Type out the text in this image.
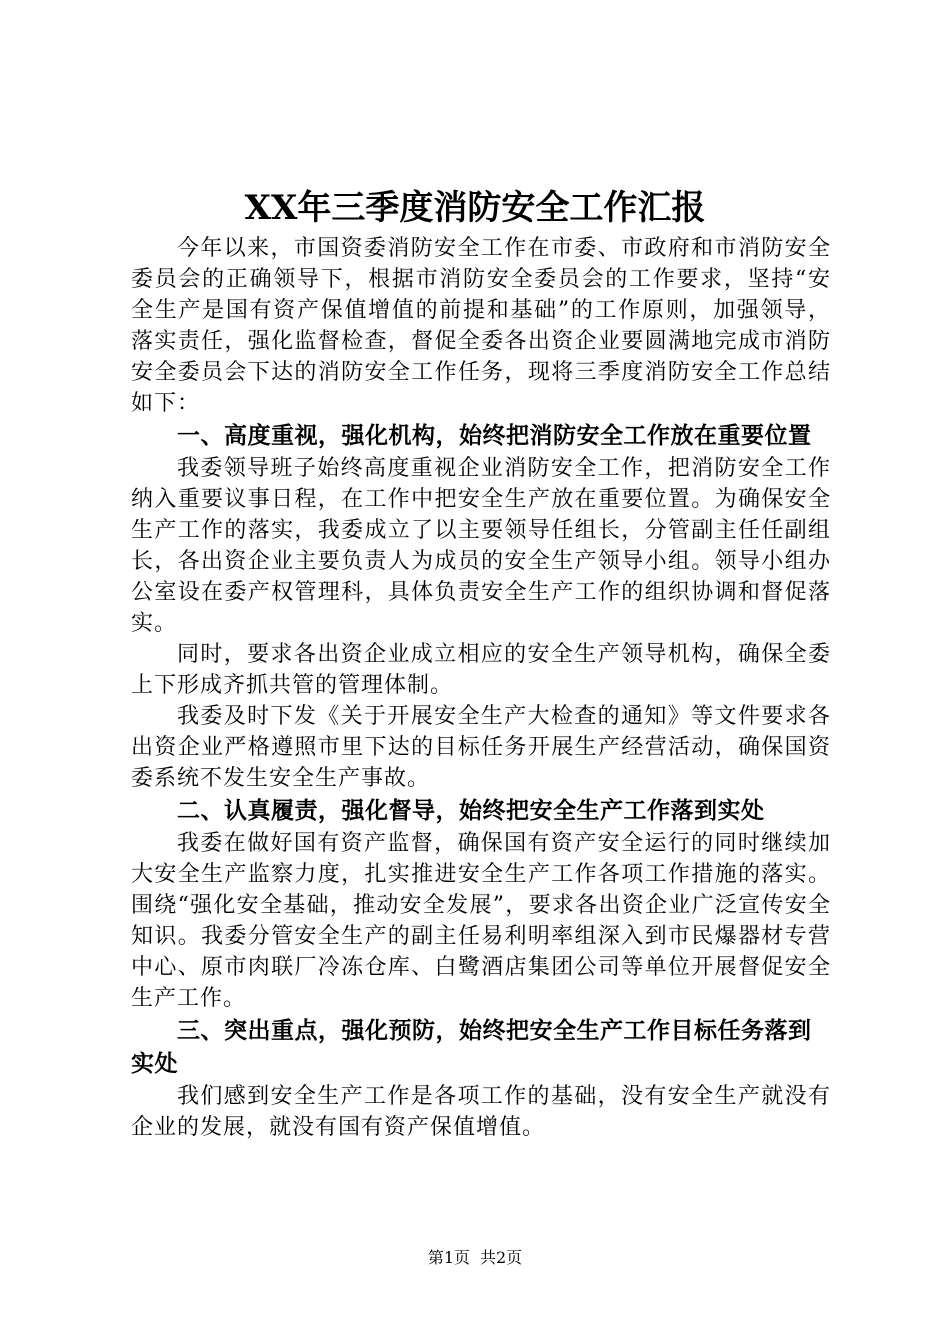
XX年三季度消防安全工作汇报

今年以来，市国资委消防安全工作在市委、市政府和市消防安全委员会的正确领导下，根据市消防安全委员会的工作要求，坚持“安全生产是国有资产保值增值的前提和基础”的工作原则，加强领导，落实责任，强化监督检查，督促全委各出资企业要圆满地完成市消防安全委员会下达的消防安全工作任务，现将三季度消防安全工作总结如下：

一、高度重视，强化机构，始终把消防安全工作放在重要位置

我委领导班子始终高度重视企业消防安全工作，把消防安全工作纳入重要议事日程，在工作中把安全生产放在重要位置。为确保安全生产工作的落实，我委成立了以主要领导任组长，分管副主任任副组长，各出资企业主要负责人为成员的安全生产领导小组。领导小组办公室设在委产权管理科，具体负责安全生产工作的组织协调和督促落实。

同时，要求各出资企业成立相应的安全生产领导机构，确保全委上下形成齐抓共管的管理体制。

我委及时下发《关于开展安全生产大检查的通知》等文件要求各出资企业严格遵照市里下达的目标任务开展生产经营活动，确保国资委系统不发生安全生产事故。

二、认真履责，强化督导，始终把安全生产工作落到实处

我委在做好国有资产监督，确保国有资产安全运行的同时继续加大安全生产监察力度，扎实推进安全生产工作各项工作措施的落实。围绕“强化安全基础，推动安全发展”，要求各出资企业广泛宣传安全知识。我委分管安全生产的副主任易利明率组深入到市民爆器材专营中心、原市肉联厂冷冻仓库、白鹭酒店集团公司等单位开展督促安全生产工作。

三、突出重点，强化预防，始终把安全生产工作目标任务落到实处

我们感到安全生产工作是各项工作的基础，没有安全生产就没有企业的发展，就没有国有资产保值增值。

第1页 共2页
